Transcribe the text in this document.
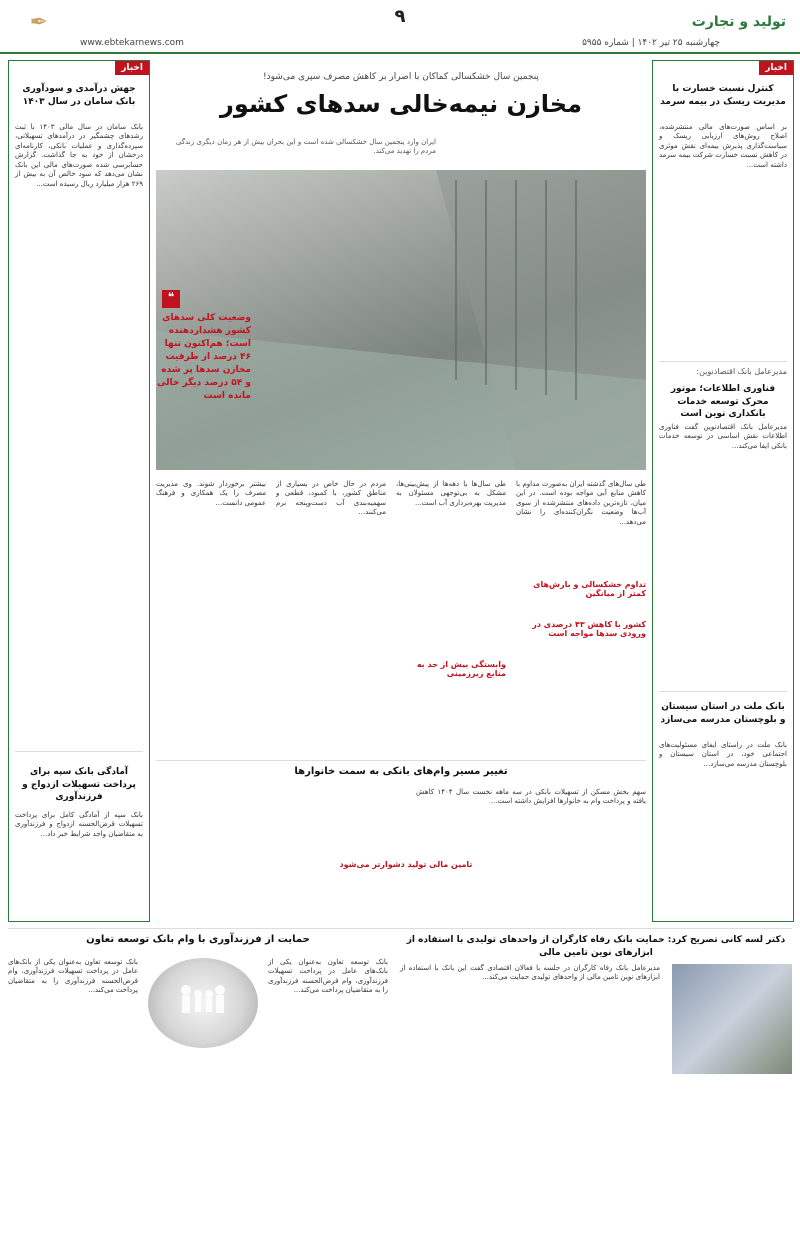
✒	تولید و تجارت
۹
چهارشنبه ۲۵ تیر ۱۴۰۲ | شماره ۵۹۵۵
www.ebtekarnews.com
اخبار
جهش درآمدی و سودآوری بانک سامان در سال ۱۴۰۳
بانک سامان در سال مالی ۱۴۰۳ با ثبت رشدهای چشمگیر در درآمدهای تسهیلاتی، سپرده‌گذاری و عملیات بانکی، کارنامه‌ای درخشان از خود به جا گذاشت. گزارش حسابرسی شده صورت‌های مالی این بانک نشان می‌دهد که سود خالص آن به بیش از ۲۶۹ هزار میلیارد ریال رسیده است...
آمادگی بانک سپه برای پرداخت تسهیلات ازدواج و فرزندآوری
بانک سپه از آمادگی کامل برای پرداخت تسهیلات قرض‌الحسنه ازدواج و فرزندآوری به متقاضیان واجد شرایط خبر داد...
پنجمین سال خشکسالی کماکان با اصرار بر کاهش مصرف سپری می‌شود!
مخازن نیمه‌خالی سدهای کشور
ایران وارد پنجمین سال خشکسالی شده است و این بحران بیش از هر زمان دیگری زندگی مردم را تهدید می‌کند.
❝
وضعیت کلی سدهای کشور هشداردهنده است؛ هم‌اکنون تنها ۴۶ درصد از ظرفیت مخازن سدها پر شده و ۵۴ درصد دیگر خالی مانده است
طی سال‌های گذشته ایران به‌صورت مداوم با کاهش منابع آبی مواجه بوده است. در این میان، تازه‌ترین داده‌های منتشرشده از سوی آب‌ها وضعیت نگران‌کننده‌ای را نشان می‌دهد...
تداوم خشکسالی و بارش‌های کمتر از میانگین
کشور با کاهش ۴۳ درصدی در ورودی سدها مواجه است
طی سال‌ها یا دهه‌ها از پیش‌بینی‌ها، مشکل به بی‌توجهی مسئولان به مدیریت بهره‌برداری آب است...
وابستگی بیش از حد به منابع زیرزمینی
مردم در حال خاص در بسیاری از مناطق کشور، با کمبود، قطعی و سهمیه‌بندی آب دست‌وپنجه نرم می‌کنند...
بیشتر برخوردار شوند. وی مدیریت مصرف را یک همکاری و فرهنگ عمومی دانست...
تغییر مسیر وام‌های بانکی به سمت خانوارها
سهم بخش مسکن از تسهیلات بانکی در سه ماهه نخست سال ۱۴۰۴ کاهش یافته و پرداخت وام به خانوارها افزایش داشته است...
تامین مالی تولید دشوارتر می‌شود
اخبار
کنترل نسبت خسارت با مدیریت ریسک در بیمه سرمد
بر اساس صورت‌های مالی منتشرشده، اصلاح روش‌های ارزیابی ریسک و سیاست‌گذاری پذیرش بیمه‌ای نقش موثری در کاهش نسبت خسارت شرکت بیمه سرمد داشته است...
مدیرعامل بانک اقتصادنوین:
فناوری اطلاعات؛ موتور محرک توسعه خدمات بانکداری نوین است
مدیرعامل بانک اقتصادنوین گفت فناوری اطلاعات نقش اساسی در توسعه خدمات بانکی ایفا می‌کند...
بانک ملت در استان سیستان و بلوچستان مدرسه می‌سازد
بانک ملت در راستای ایفای مسئولیت‌های اجتماعی خود، در استان سیستان و بلوچستان مدرسه می‌سازد...
حمایت از فرزندآوری با وام بانک توسعه تعاون
بانک توسعه تعاون به‌عنوان یکی از بانک‌های عامل در پرداخت تسهیلات فرزندآوری، وام قرض‌الحسنه فرزندآوری را به متقاضیان پرداخت می‌کند...
بانک توسعه تعاون به‌عنوان یکی از بانک‌های عامل در پرداخت تسهیلات فرزندآوری، وام قرض‌الحسنه فرزندآوری را به متقاضیان پرداخت می‌کند...
دکتر لسه کانی تصریح کرد: حمایت بانک رفاه کارگران از واحدهای تولیدی با استفاده از ابزارهای نوین تامین مالی
مدیرعامل بانک رفاه کارگران در جلسه با فعالان اقتصادی گفت این بانک با استفاده از ابزارهای نوین تامین مالی از واحدهای تولیدی حمایت می‌کند...
